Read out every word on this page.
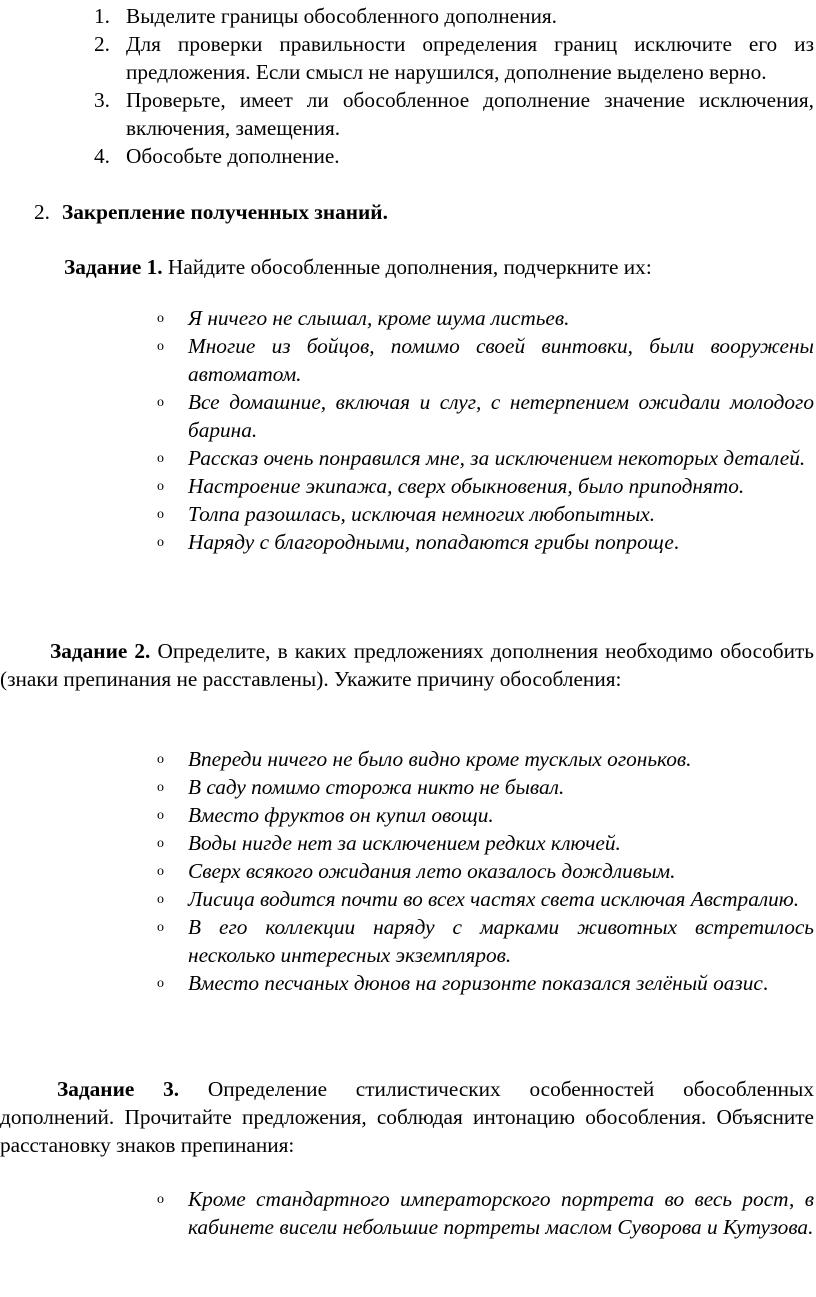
1. Выделите границы обособленного дополнения.

2. Для проверки правильности определения границ исключите его из предложения. Если смысл не нарушился, дополнение выделено верно.

3. Проверьте, имеет ли обособленное дополнение значение исключения, включения, замещения.

4. Обособьте дополнение.

2. Закрепление полученных знаний.
Задание 1. Найдите обособленные дополнения, подчеркните их:
o Я ничего не слышал, кроме шума листьев.
o Многие из бойцов, помимо своей винтовки, были вооружены автоматом.
o Все домашние, включая и слуг, с нетерпением ожидали молодого барина.
o Рассказ очень понравился мне, за исключением некоторых деталей.
o Настроение экипажа, сверх обыкновения, было приподнято.
o Толпа разошлась, исключая немногих любопытных.
o Наряду с благородными, попадаются грибы попроще.
Задание 2. Определите, в каких предложениях дополнения необходимо обособить (знаки препинания не расставлены). Укажите причину обособления:
o Впереди ничего не было видно кроме тусклых огоньков.
o В саду помимо сторожа никто не бывал.
o Вместо фруктов он купил овощи.
o Воды нигде нет за исключением редких ключей.
o Сверх всякого ожидания лето оказалось дождливым.
o Лисица водится почти во всех частях света исключая Австралию.
o В его коллекции наряду с марками животных встретилось несколько интересных экземпляров.
o Вместо песчаных дюнов на горизонте показался зелёный оазис.
Задание 3. Определение стилистических особенностей обособленных дополнений. Прочитайте предложения, соблюдая интонацию обособления. Объясните расстановку знаков препинания:
o Кроме стандартного императорского портрета во весь рост, в кабинете висели небольшие портреты маслом Суворова и Кутузова.
